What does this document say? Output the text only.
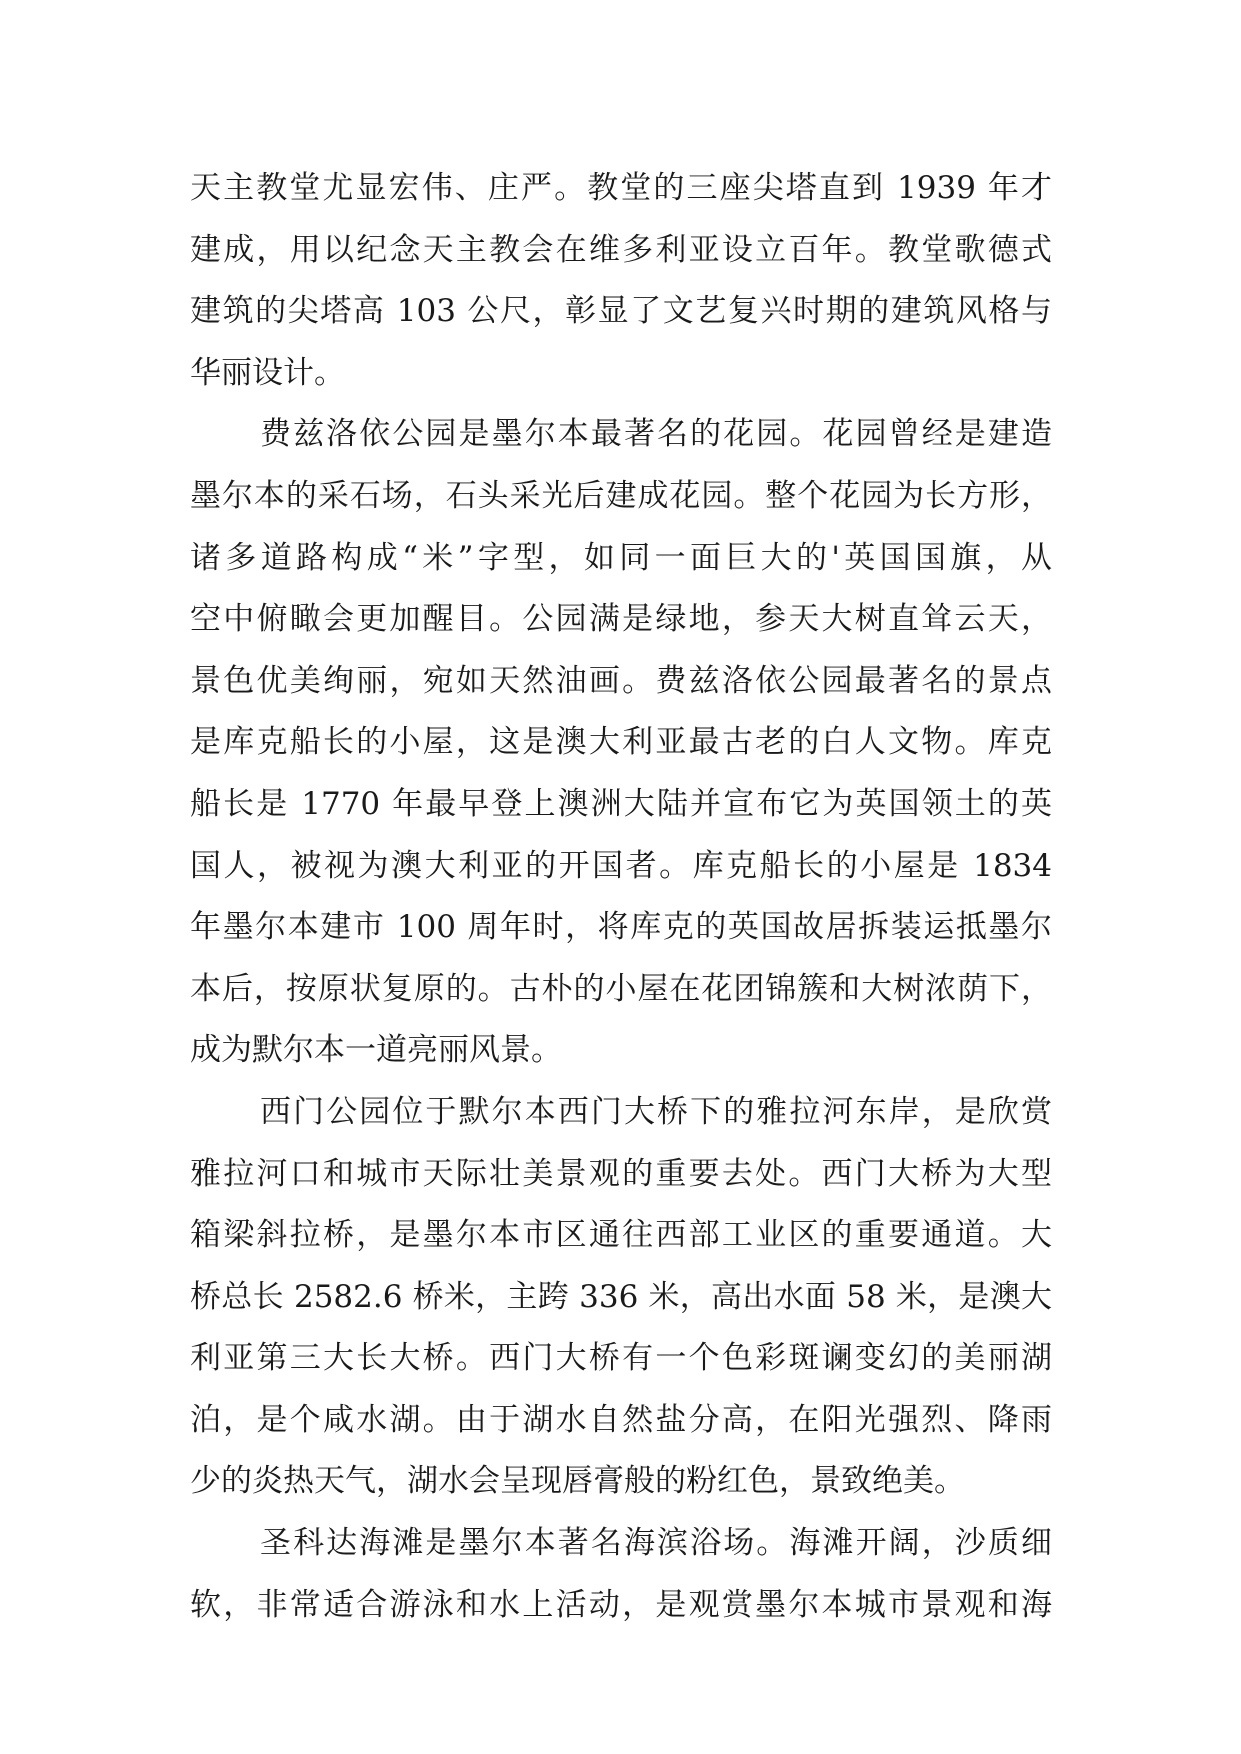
天主教堂尤显宏伟、庄严。教堂的三座尖塔直到 1939 年才
建成，用以纪念天主教会在维多利亚设立百年。教堂歌德式
建筑的尖塔高 103 公尺，彰显了文艺复兴时期的建筑风格与
华丽设计。
费兹洛依公园是墨尔本最著名的花园。花园曾经是建造
墨尔本的采石场，石头采光后建成花园。整个花园为长方形，
诸多道路构成“米”字型，如同一面巨大的'英国国旗，从
空中俯瞰会更加醒目。公园满是绿地，参天大树直耸云天，
景色优美绚丽，宛如天然油画。费兹洛依公园最著名的景点
是库克船长的小屋，这是澳大利亚最古老的白人文物。库克
船长是 1770 年最早登上澳洲大陆并宣布它为英国领土的英
国人，被视为澳大利亚的开国者。库克船长的小屋是 1834
年墨尔本建市 100 周年时，将库克的英国故居拆装运抵墨尔
本后，按原状复原的。古朴的小屋在花团锦簇和大树浓荫下，
成为默尔本一道亮丽风景。
西门公园位于默尔本西门大桥下的雅拉河东岸，是欣赏
雅拉河口和城市天际壮美景观的重要去处。西门大桥为大型
箱梁斜拉桥，是墨尔本市区通往西部工业区的重要通道。大
桥总长 2582.6 桥米，主跨 336 米，高出水面 58 米，是澳大
利亚第三大长大桥。西门大桥有一个色彩斑谰变幻的美丽湖
泊，是个咸水湖。由于湖水自然盐分高，在阳光强烈、降雨
少的炎热天气，湖水会呈现唇膏般的粉红色，景致绝美。
圣科达海滩是墨尔本著名海滨浴场。海滩开阔，沙质细
软，非常适合游泳和水上活动，是观赏墨尔本城市景观和海
